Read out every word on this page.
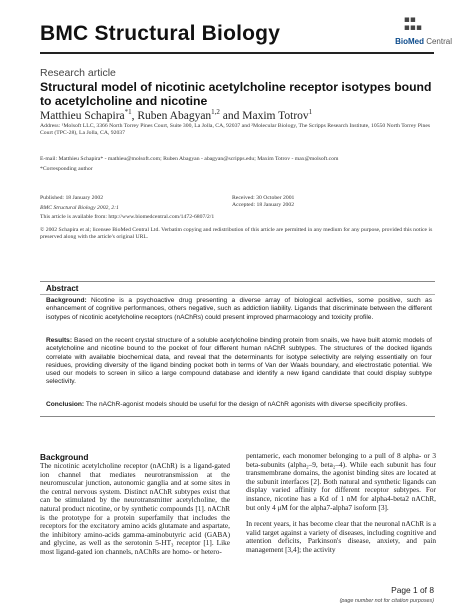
BMC Structural Biology
▪▪
▪▪▪
BioMed Central
Research article
Structural model of nicotinic acetylcholine receptor isotypes bound to acetylcholine and nicotine
Matthieu Schapira$^{*1}$, Ruben Abagyan$^{1,2}$ and Maxim Totrov$^1$
Address: ¹Molsoft LLC, 3366 North Torrey Pines Court, Suite 300, La Jolla, CA, 92037 and ²Molecular Biology, The Scripps Research Institute, 10550 North Torrey Pines Court (TPC-28), La Jolla, CA, 92037
E-mail: Matthieu Schapira* - mathieu@molsoft.com; Ruben Abagyan - abagyan@scripps.edu; Maxim Totrov - max@molsoft.com
*Corresponding author
Published: 18 January 2002
BMC Structural Biology 2002, 2:1
Received: 30 October 2001
Accepted: 18 January 2002
This article is available from: http://www.biomedcentral.com/1472-6807/2/1
© 2002 Schapira et al; licensee BioMed Central Ltd. Verbatim copying and redistribution of this article are permitted in any medium for any purpose, provided this notice is preserved along with the article's original URL.
Abstract
Background: Nicotine is a psychoactive drug presenting a diverse array of biological activities, some positive, such as enhancement of cognitive performances, others negative, such as addiction liability. Ligands that discriminate between the different isotypes of nicotinic acetylcholine receptors (nAChRs) could present improved pharmacology and toxicity profile.
Results: Based on the recent crystal structure of a soluble acetylcholine binding protein from snails, we have built atomic models of acetylcholine and nicotine bound to the pocket of four different human nAChR subtypes. The structures of the docked ligands correlate with available biochemical data, and reveal that the determinants for isotype selectivity are relying essentially on four residues, providing diversity of the ligand binding pocket both in terms of Van der Waals boundary, and electrostatic potential. We used our models to screen in silico a large compound database and identify a new ligand candidate that could display subtype selectivity.
Conclusion: The nAChR-agonist models should be useful for the design of nAChR agonists with diverse specificity profiles.
Background

The nicotinic acetylcholine receptor (nAChR) is a ligand-gated ion channel that mediates neurotransmission at the neuromuscular junction, autonomic ganglia and at some sites in the central nervous system. Distinct nAChR subtypes exist that can be stimulated by the neurotransmitter acetylcholine, the natural product nicotine, or by synthetic compounds [1]. nAChR is the prototype for a protein superfamily that includes the receptors for the excitatory amino acids glutamate and aspartate, the inhibitory amino-acids gamma-aminobutyric acid (GABA) and glycine, as well as the serotonin 5-HT₃ receptor [1]. Like most ligand-gated ion channels, nAChRs are homo- or hetero-

pentameric, each monomer belonging to a pull of 8 alpha- or 3 beta-subunits (alpha₂–9, beta₂–4). While each subunit has four transmembrane domains, the agonist binding sites are located at the subunit interfaces [2]. Both natural and synthetic ligands can display varied affinity for different receptor subtypes. For instance, nicotine has a Kd of 1 nM for alpha4-beta2 nAChR, but only 4 μM for the alpha7-alpha7 isoform [3].

In recent years, it has become clear that the neuronal nAChR is a valid target against a variety of diseases, including cognitive and attention deficits, Parkinson's disease, anxiety, and pain management [3,4]; the activity

Page 1 of 8
(page number not for citation purposes)
